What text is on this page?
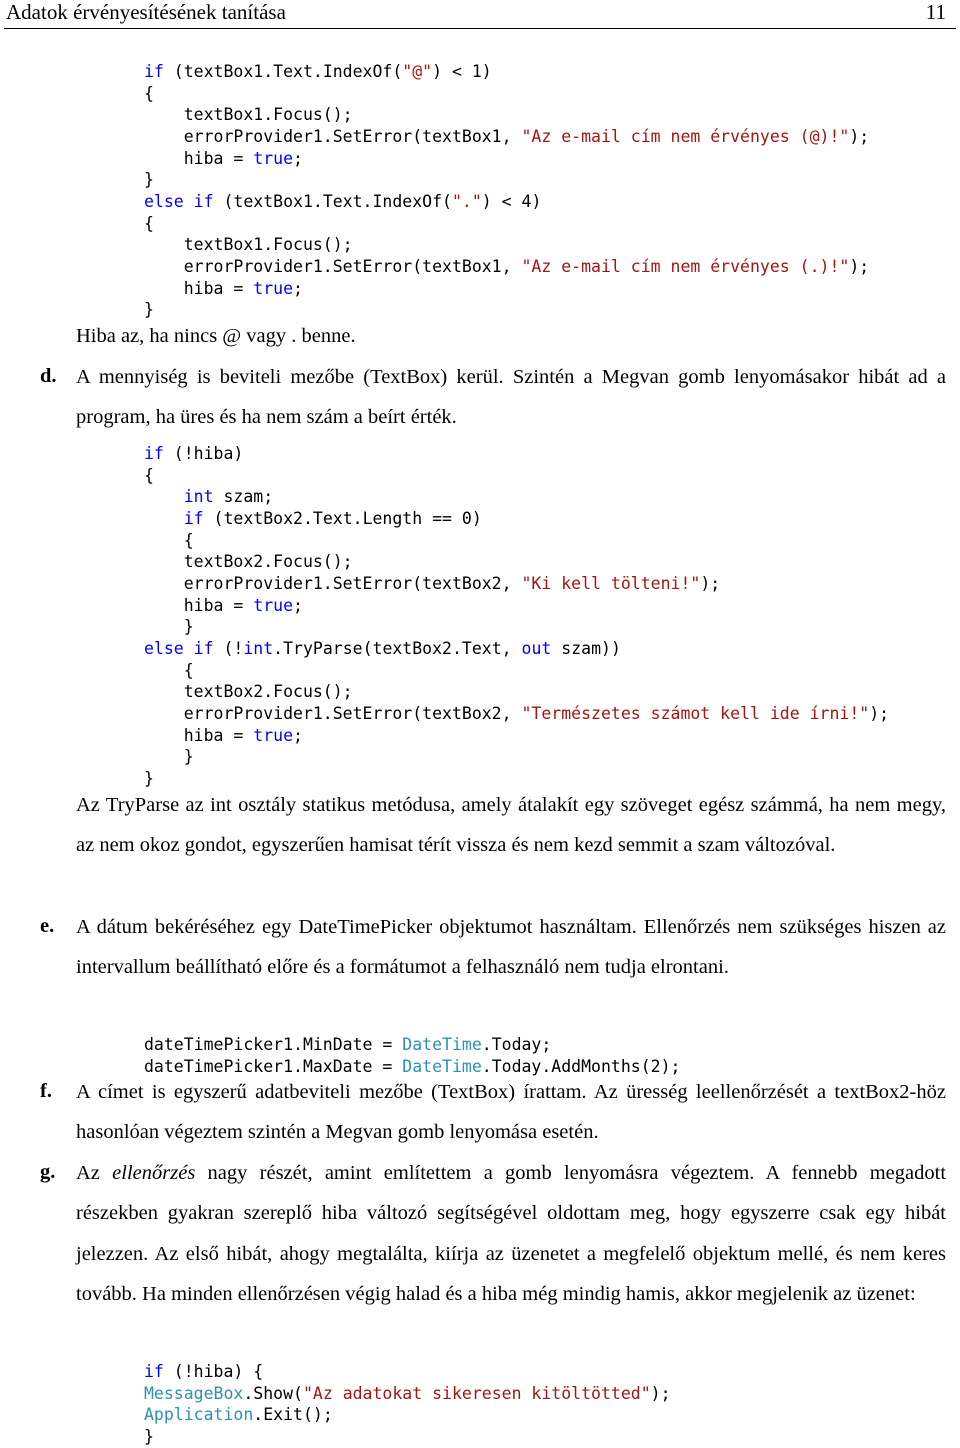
Adatok érvényesítésének tanítása	11
if (textBox1.Text.IndexOf("@") < 1)
{
textBox1.Focus();
errorProvider1.SetError(textBox1, "Az e-mail cím nem érvényes (@)!");
hiba = true;
}
else if (textBox1.Text.IndexOf(".") < 4)
{
textBox1.Focus();
errorProvider1.SetError(textBox1, "Az e-mail cím nem érvényes (.)!");
hiba = true;
}

Hiba az, ha nincs @ vagy . benne.

d. A mennyiség is beviteli mezőbe (TextBox) kerül. Szintén a Megvan gomb lenyomásakor hibát ad a program, ha üres és ha nem szám a beírt érték.

if (!hiba)
{
int szam;
if (textBox2.Text.Length == 0)
{
textBox2.Focus();
errorProvider1.SetError(textBox2, "Ki kell tölteni!");
hiba = true;
}
else if (!int.TryParse(textBox2.Text, out szam))
{
textBox2.Focus();
errorProvider1.SetError(textBox2, "Természetes számot kell ide írni!");
hiba = true;
}
}

Az TryParse az int osztály statikus metódusa, amely átalakít egy szöveget egész számmá, ha nem megy, az nem okoz gondot, egyszerűen hamisat térít vissza és nem kezd semmit a szam változóval.

e. A dátum bekéréséhez egy DateTimePicker objektumot használtam. Ellenőrzés nem szükséges hiszen az intervallum beállítható előre és a formátumot a felhasználó nem tudja elrontani.

dateTimePicker1.MinDate = DateTime.Today;
dateTimePicker1.MaxDate = DateTime.Today.AddMonths(2);
f. A címet is egyszerű adatbeviteli mezőbe (TextBox) írattam. Az üresség leellenőrzését a textBox2-höz hasonlóan végeztem szintén a Megvan gomb lenyomása esetén.

g. Az ellenőrzés nagy részét, amint említettem a gomb lenyomásra végeztem. A fennebb megadott részekben gyakran szereplő hiba változó segítségével oldottam meg, hogy egyszerre csak egy hibát jelezzen. Az első hibát, ahogy megtalálta, kiírja az üzenetet a megfelelő objektum mellé, és nem keres tovább. Ha minden ellenőrzésen végig halad és a hiba még mindig hamis, akkor megjelenik az üzenet:

if (!hiba) {
MessageBox.Show("Az adatokat sikeresen kitöltötted");
Application.Exit();
}
